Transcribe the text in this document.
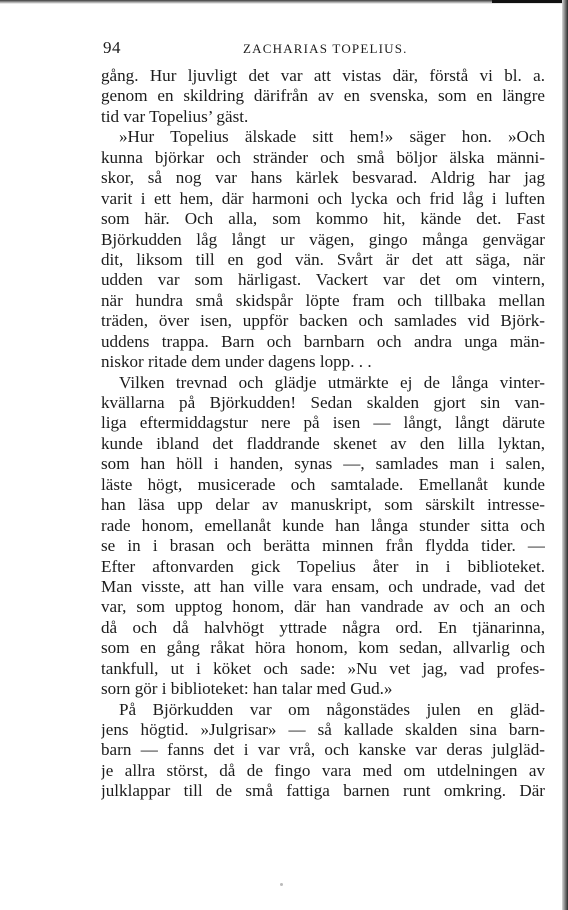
94	ZACHARIAS TOPELIUS.
gång. Hur ljuvligt det var att vistas där, förstå vi bl. a.
genom en skildring därifrån av en svenska, som en längre
tid var Topelius’ gäst.
»Hur Topelius älskade sitt hem!» säger hon. »Och
kunna björkar och stränder och små böljor älska männi-
skor, så nog var hans kärlek besvarad. Aldrig har jag
varit i ett hem, där harmoni och lycka och frid låg i luften
som här. Och alla, som kommo hit, kände det. Fast
Björkudden låg långt ur vägen, gingo många genvägar
dit, liksom till en god vän. Svårt är det att säga, när
udden var som härligast. Vackert var det om vintern,
när hundra små skidspår löpte fram och tillbaka mellan
träden, över isen, uppför backen och samlades vid Björk-
uddens trappa. Barn och barnbarn och andra unga män-
niskor ritade dem under dagens lopp. . .
Vilken trevnad och glädje utmärkte ej de långa vinter-
kvällarna på Björkudden! Sedan skalden gjort sin van-
liga eftermiddagstur nere på isen — långt, långt därute
kunde ibland det fladdrande skenet av den lilla lyktan,
som han höll i handen, synas —, samlades man i salen,
läste högt, musicerade och samtalade. Emellanåt kunde
han läsa upp delar av manuskript, som särskilt intresse-
rade honom, emellanåt kunde han långa stunder sitta och
se in i brasan och berätta minnen från flydda tider. —
Efter aftonvarden gick Topelius åter in i biblioteket.
Man visste, att han ville vara ensam, och undrade, vad det
var, som upptog honom, där han vandrade av och an och
då och då halvhögt yttrade några ord. En tjänarinna,
som en gång råkat höra honom, kom sedan, allvarlig och
tankfull, ut i köket och sade: »Nu vet jag, vad profes-
sorn gör i biblioteket: han talar med Gud.»
På Björkudden var om någonstädes julen en gläd-
jens högtid. »Julgrisar» — så kallade skalden sina barn-
barn — fanns det i var vrå, och kanske var deras julgläd-
je allra störst, då de fingo vara med om utdelningen av
julklappar till de små fattiga barnen runt omkring. Där
